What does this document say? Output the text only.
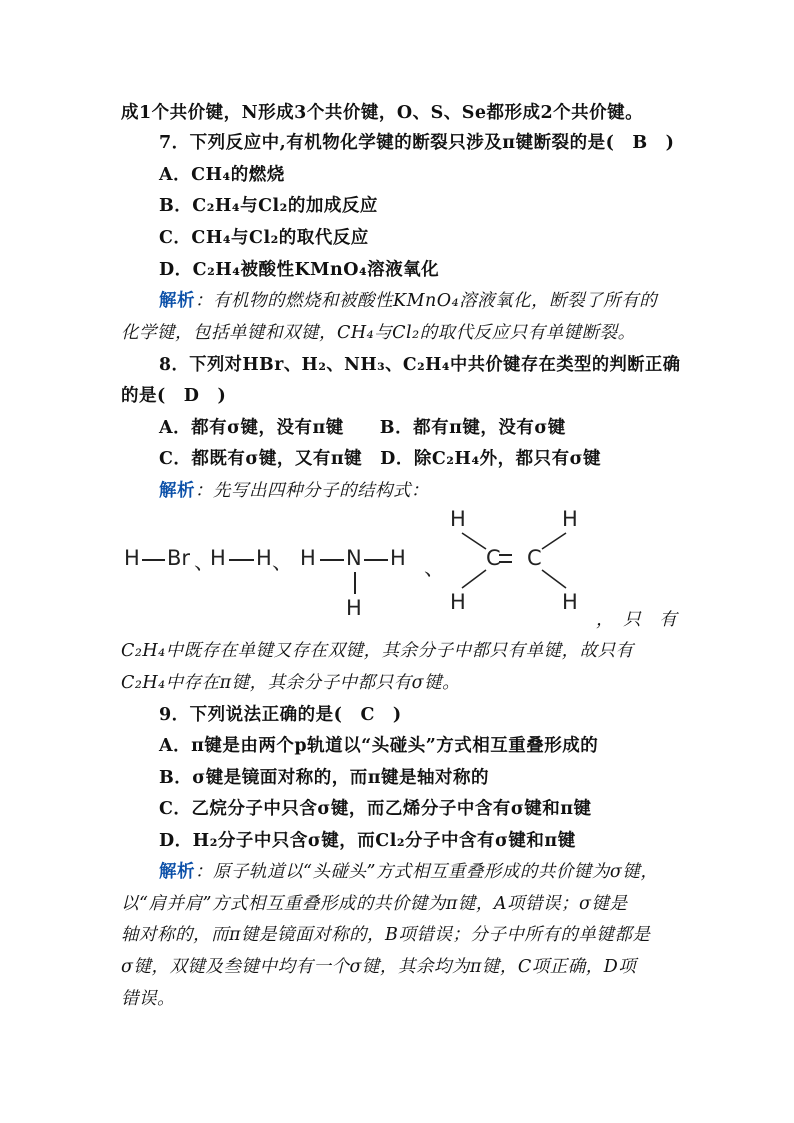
成1个共价键，N形成3个共价键，O、S、Se都形成2个共价键。
7．下列反应中,有机物化学键的断裂只涉及π键断裂的是(　B　)
A．CH₄的燃烧
B．C₂H₄与Cl₂的加成反应
C．CH₄与Cl₂的取代反应
D．C₂H₄被酸性KMnO₄溶液氧化
解析：有机物的燃烧和被酸性KMnO₄溶液氧化，断裂了所有的
化学键，包括单键和双键，CH₄与Cl₂的取代反应只有单键断裂。
8．下列对HBr、H₂、NH₃、C₂H₄中共价键存在类型的判断正确
的是(　D　)
A．都有σ键，没有π键　　B．都有π键，没有σ键
C．都既有σ键，又有π键　D．除C₂H₄外，都只有σ键
解析：先写出四种分子的结构式：
H Br 、
H H 、 H N H
H
、
H	H
C C
H	H
，　只　有
C₂H₄中既存在单键又存在双键，其余分子中都只有单键，故只有
C₂H₄中存在π键，其余分子中都只有σ键。
9．下列说法正确的是(　C　)
A．π键是由两个p轨道以“头碰头”方式相互重叠形成的
B．σ键是镜面对称的，而π键是轴对称的
C．乙烷分子中只含σ键，而乙烯分子中含有σ键和π键
D．H₂分子中只含σ键，而Cl₂分子中含有σ键和π键
解析：原子轨道以“头碰头”方式相互重叠形成的共价键为σ键，
以“肩并肩”方式相互重叠形成的共价键为π键，A项错误；σ键是
轴对称的，而π键是镜面对称的，B项错误；分子中所有的单键都是
σ键，双键及叁键中均有一个σ键，其余均为π键，C项正确，D项
错误。
